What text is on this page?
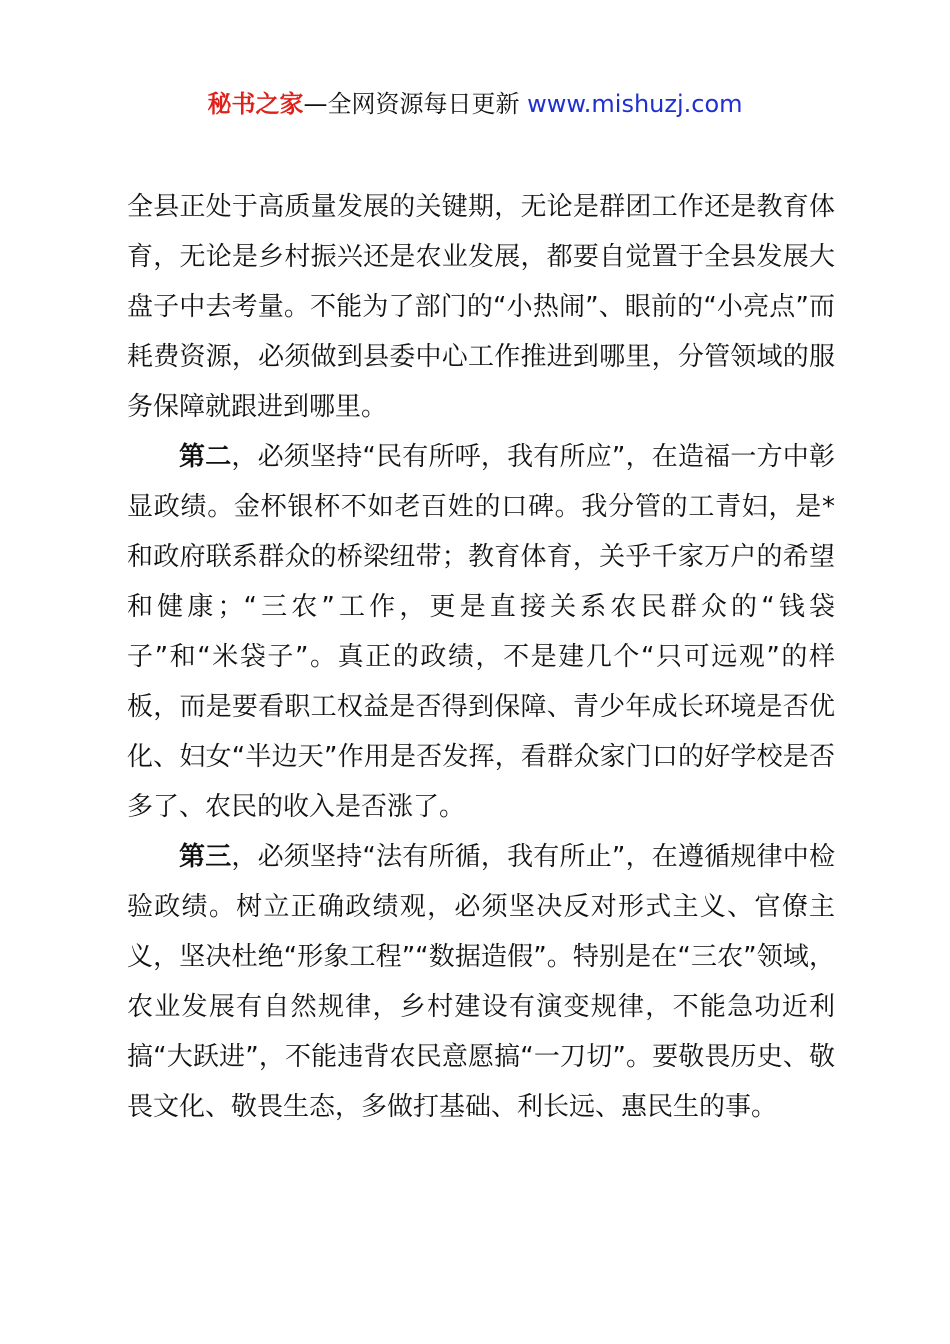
秘书之家—全网资源每日更新 www.mishuzj.com

全县正处于高质量发展的关键期，无论是群团工作还是教育体育，无论是乡村振兴还是农业发展，都要自觉置于全县发展大盘子中去考量。不能为了部门的“小热闹”、眼前的“小亮点”而耗费资源，必须做到县委中心工作推进到哪里，分管领域的服务保障就跟进到哪里。

第二，必须坚持“民有所呼，我有所应”，在造福一方中彰显政绩。金杯银杯不如老百姓的口碑。我分管的工青妇，是*和政府联系群众的桥梁纽带；教育体育，关乎千家万户的希望和健康；“三农”工作，更是直接关系农民群众的“钱袋子”和“米袋子”。真正的政绩，不是建几个“只可远观”的样板，而是要看职工权益是否得到保障、青少年成长环境是否优化、妇女“半边天”作用是否发挥，看群众家门口的好学校是否多了、农民的收入是否涨了。

第三，必须坚持“法有所循，我有所止”，在遵循规律中检验政绩。树立正确政绩观，必须坚决反对形式主义、官僚主义，坚决杜绝“形象工程”“数据造假”。特别是在“三农”领域，农业发展有自然规律，乡村建设有演变规律，不能急功近利搞“大跃进”，不能违背农民意愿搞“一刀切”。要敬畏历史、敬畏文化、敬畏生态，多做打基础、利长远、惠民生的事。
